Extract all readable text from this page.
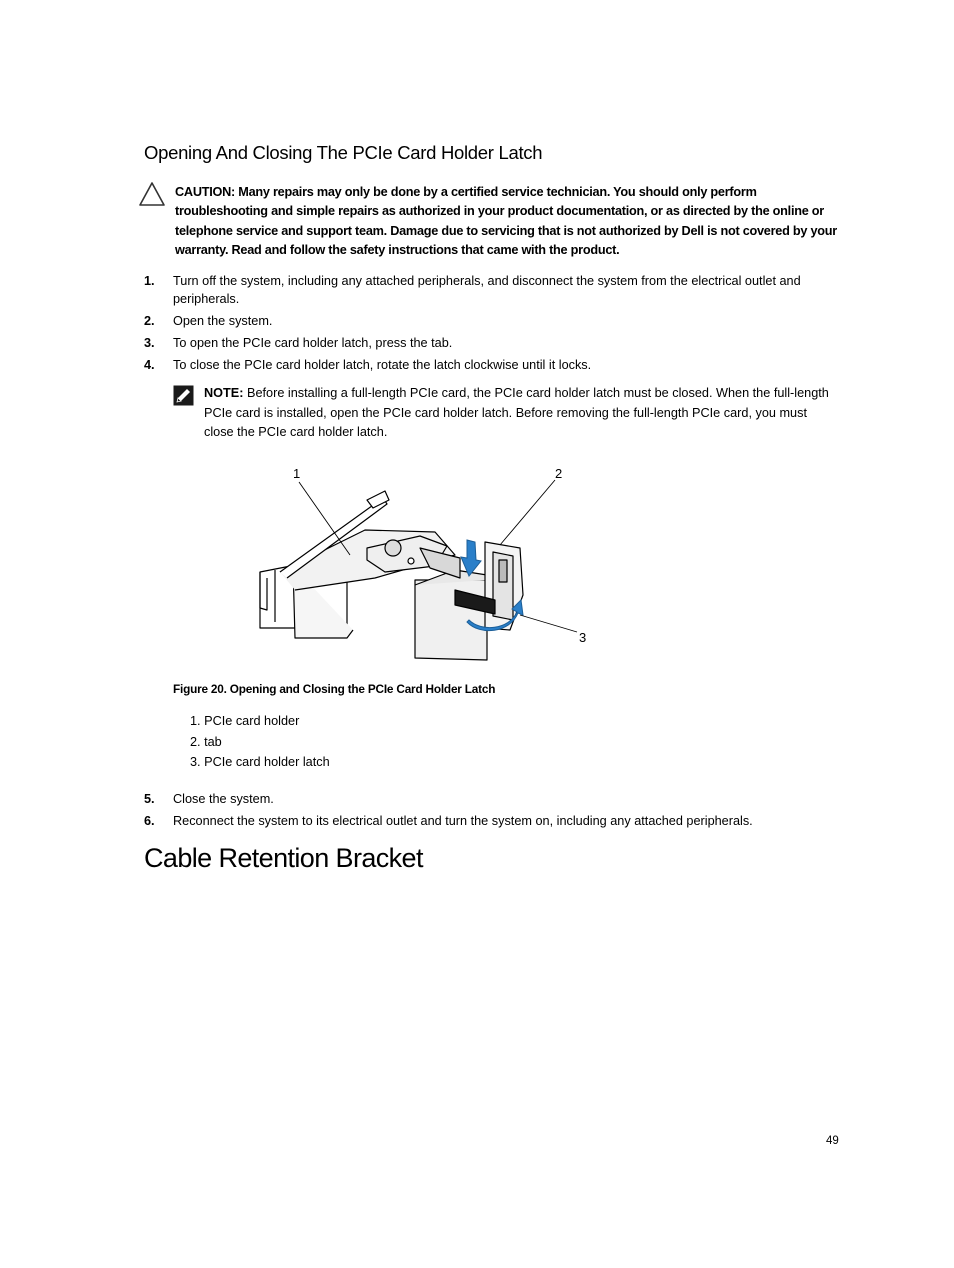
Opening And Closing The PCIe Card Holder Latch

CAUTION: Many repairs may only be done by a certified service technician. You should only perform troubleshooting and simple repairs as authorized in your product documentation, or as directed by the online or telephone service and support team. Damage due to servicing that is not authorized by Dell is not covered by your warranty. Read and follow the safety instructions that came with the product.

1. Turn off the system, including any attached peripherals, and disconnect the system from the electrical outlet and peripherals.
2. Open the system.
3. To open the PCIe card holder latch, press the tab.
4. To close the PCIe card holder latch, rotate the latch clockwise until it locks.

NOTE: Before installing a full-length PCIe card, the PCIe card holder latch must be closed. When the full-length PCIe card is installed, open the PCIe card holder latch. Before removing the full-length PCIe card, you must close the PCIe card holder latch.

1	2
3
Figure 20. Opening and Closing the PCIe Card Holder Latch
1. PCIe card holder
2. tab
3. PCIe card holder latch
5. Close the system.
6. Reconnect the system to its electrical outlet and turn the system on, including any attached peripherals.
Cable Retention Bracket
49
